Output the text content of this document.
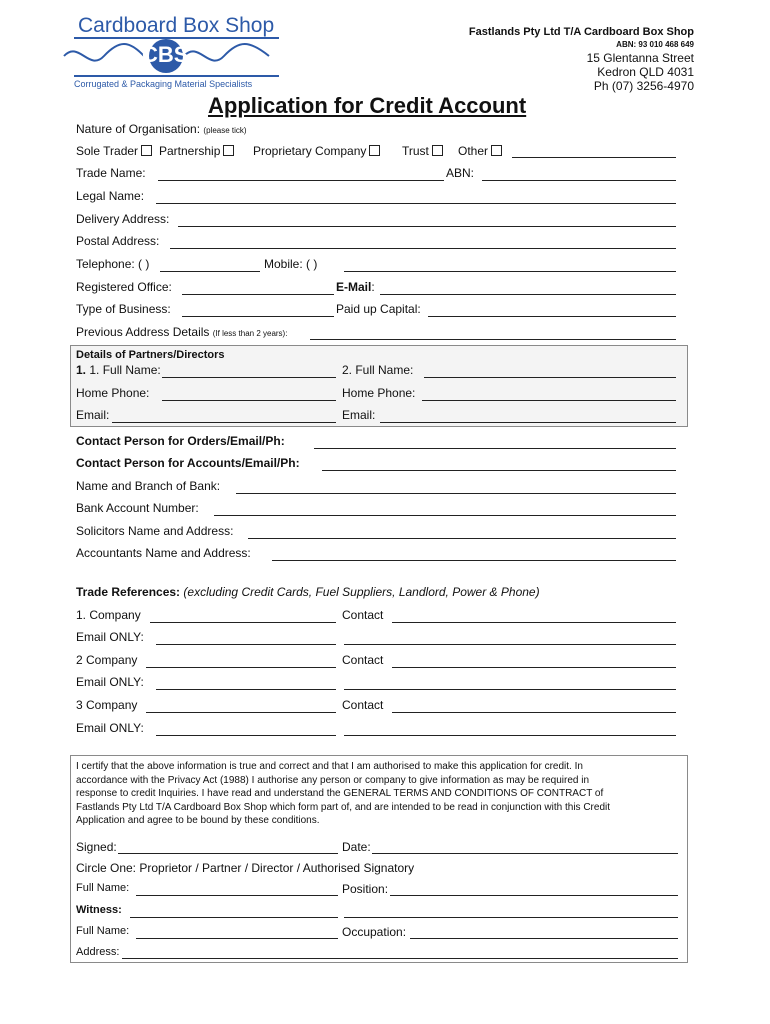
Cardboard Box Shop
CBS
Corrugated & Packaging Material Specialists
Fastlands Pty Ltd T/A Cardboard Box Shop
ABN: 93 010 468 649
15 Glentanna Street
Kedron QLD 4031
Ph (07) 3256-4970
Application for Credit Account
Nature of Organisation: (please tick)
Sole Trader	Partnership	Proprietary Company	Trust	Other
Trade Name:	ABN:
Legal Name:
Delivery Address:
Postal Address:
Telephone: ( )	Mobile: ( )
Registered Office:	E-Mail:
Type of Business:	Paid up Capital:
Previous Address Details (If less than 2 years):
Details of Partners/Directors
1. 1. Full Name:	2. Full Name:
Home Phone:	Home Phone:
Email:	Email:
Contact Person for Orders/Email/Ph:
Contact Person for Accounts/Email/Ph:
Name and Branch of Bank:
Bank Account Number:
Solicitors Name and Address:
Accountants Name and Address:
Trade References: (excluding Credit Cards, Fuel Suppliers, Landlord, Power & Phone)
1. Company	Contact
Email ONLY:
2 Company	Contact
Email ONLY:
3 Company	Contact
Email ONLY:

I certify that the above information is true and correct and that I am authorised to make this application for credit. In

accordance with the Privacy Act (1988) I authorise any person or company to give information as may be required in

response to credit Inquiries. I have read and understand the GENERAL TERMS AND CONDITIONS OF CONTRACT of

Fastlands Pty Ltd T/A Cardboard Box Shop which form part of, and are intended to be read in conjunction with this Credit

Application and agree to be bound by these conditions.

Signed:	Date:
Circle One: Proprietor / Partner / Director / Authorised Signatory
Full Name:	Position:
Witness:
Full Name:	Occupation:
Address:
